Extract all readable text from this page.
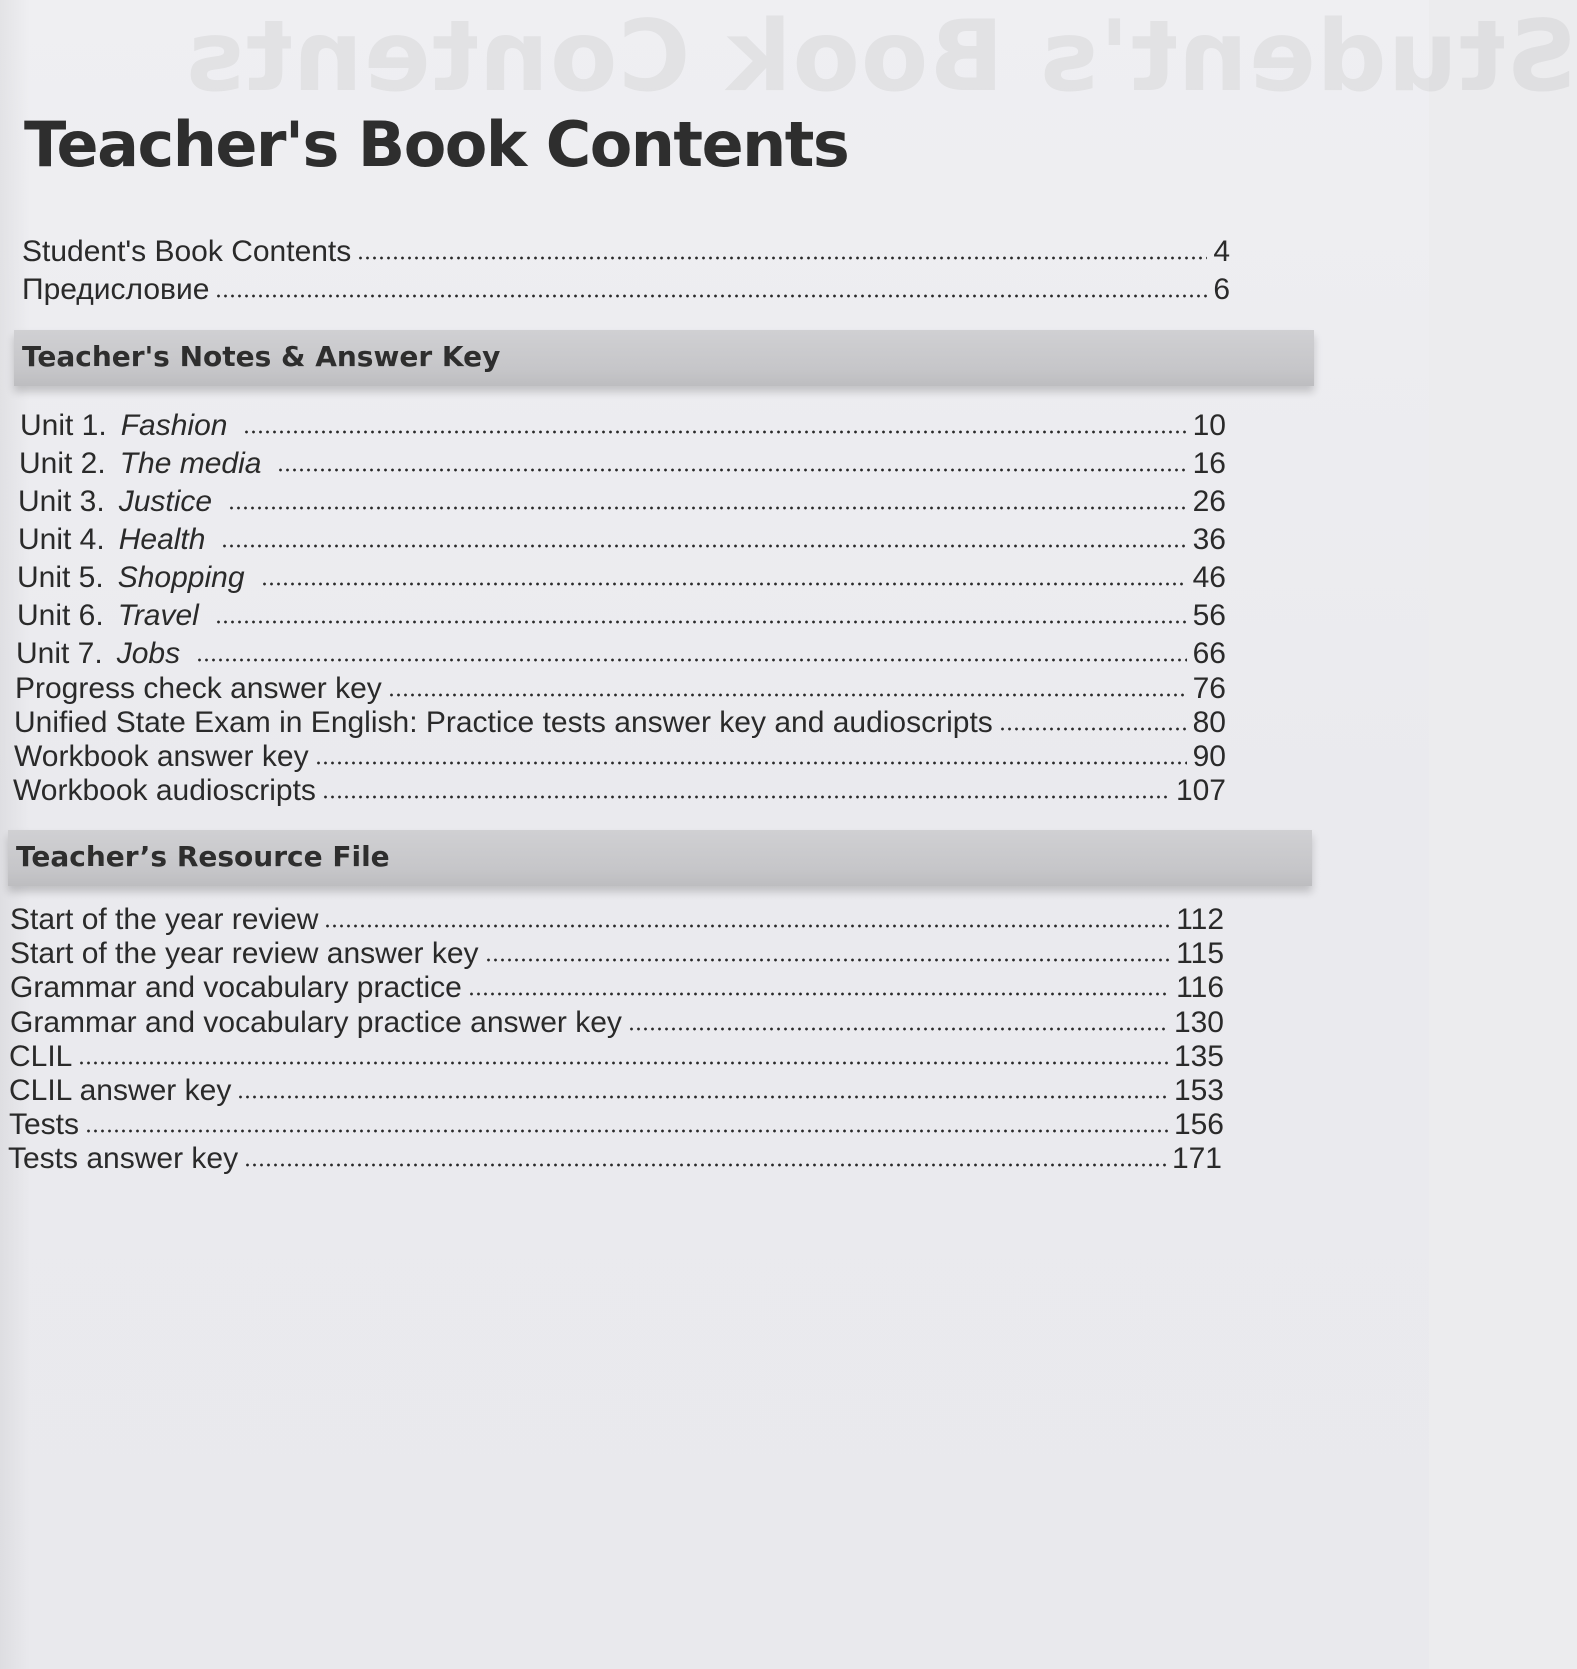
Student's Book Contents
Teacher's Book Contents
Student's Book Contents	4
Предисловие	6
Teacher's Notes & Answer Key
Unit 1. Fashion	10
Unit 2. The media	16
Unit 3. Justice	26
Unit 4. Health	36
Unit 5. Shopping	46
Unit 6. Travel	56
Unit 7. Jobs	66
Progress check answer key	76
Unified State Exam in English: Practice tests answer key and audioscripts	80
Workbook answer key	90
Workbook audioscripts	107
Teacher’s Resource File
Start of the year review	112
Start of the year review answer key	115
Grammar and vocabulary practice	116
Grammar and vocabulary practice answer key	130
CLIL	135
CLIL answer key	153
Tests	156
Tests answer key	171
